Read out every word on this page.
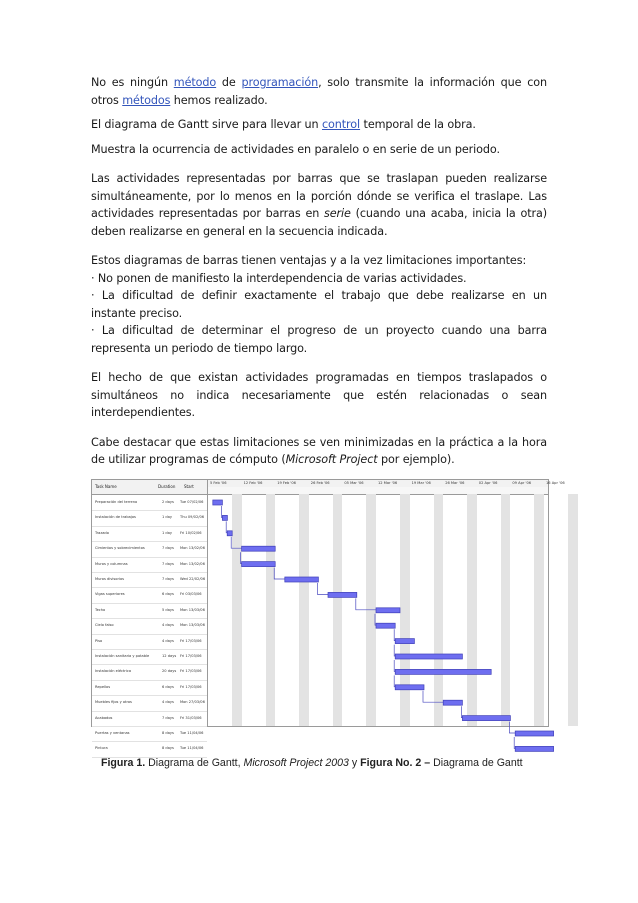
No es ningún método de programación, solo transmite la información que con otros métodos hemos realizado.

El diagrama de Gantt sirve para llevar un control temporal de la obra.

Muestra la ocurrencia de actividades en paralelo o en serie de un periodo.

Las actividades representadas por barras que se traslapan pueden realizarse simultáneamente, por lo menos en la porción dónde se verifica el traslape. Las actividades representadas por barras en serie (cuando una acaba, inicia la otra) deben realizarse en general en la secuencia indicada.

Estos diagramas de barras tienen ventajas y a la vez limitaciones importantes:
· No ponen de manifiesto la interdependencia de varias actividades.
· La dificultad de definir exactamente el trabajo que debe realizarse en un instante preciso.
· La dificultad de determinar el progreso de un proyecto cuando una barra representa un periodo de tiempo largo.

El hecho de que existan actividades programadas en tiempos traslapados o simultáneos no indica necesariamente que estén relacionadas o sean interdependientes.

Cabe destacar que estas limitaciones se ven minimizadas en la práctica a la hora de utilizar programas de cómputo (Microsoft Project por ejemplo).

Task Name	Duration Start
Preparación del terreno	2 days Tue 07/02/06
Instalación de trabajos	1 day Thu 09/02/06
Trazado	1 day Fri 10/02/06
Cimientos y sobrecimientos	7 days Mon 13/02/06
Muros y columnas	7 days Mon 13/02/06
Muros divisorios	7 days Wed 22/02/06
Vigas superiores	6 days Fri 03/03/06
Techo	5 days Mon 13/03/06
Cielo falso	4 days Mon 13/03/06
Piso	4 days Fri 17/03/06
Instalación sanitaria y potable	12 days Fri 17/03/06
Instalación eléctrica	20 days Fri 17/03/06
Repellos	6 days Fri 17/03/06
Muebles fijos y otros	4 days Mon 27/03/06
Acabados	7 days Fri 31/03/06
Puertas y ventanas	8 days Tue 11/04/06
Pintura	8 days Tue 11/04/06
5 Feb '06	12 Feb '06	19 Feb '06	26 Feb '06	05 Mar '06	12 Mar '06	19 Mar '06	26 Mar '06	02 Apr '06	09 Apr '06	16 Apr '06
Figura 1. Diagrama de Gantt, Microsoft Project 2003 y Figura No. 2 – Diagrama de Gantt
